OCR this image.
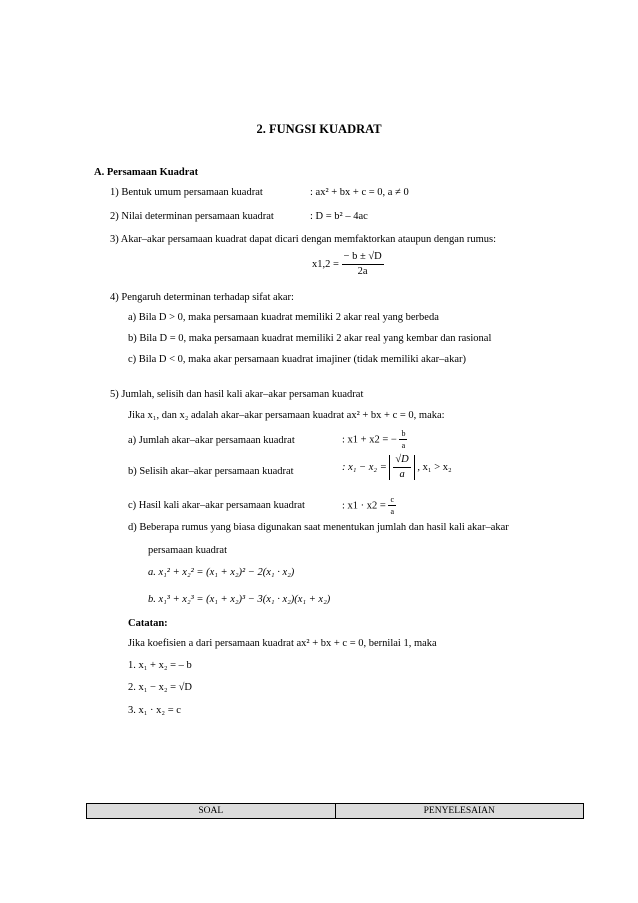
2. FUNGSI KUADRAT
A. Persamaan Kuadrat
1) Bentuk umum persamaan kuadrat	: ax² + bx + c = 0, a ≠ 0
2) Nilai determinan persamaan kuadrat	: D = b² – 4ac
3) Akar–akar persamaan kuadrat dapat dicari dengan memfaktorkan ataupun dengan rumus:
$x1,2 = \frac{- b \pm √D}{2a}$
4) Pengaruh determinan terhadap sifat akar:
a) Bila D > 0, maka persamaan kuadrat memiliki 2 akar real yang berbeda
b) Bila D = 0, maka persamaan kuadrat memiliki 2 akar real yang kembar dan rasional
c) Bila D < 0, maka akar persamaan kuadrat imajiner (tidak memiliki akar–akar)
5) Jumlah, selisih dan hasil kali akar–akar persaman kuadrat
Jika x₁, dan x₂ adalah akar–akar persamaan kuadrat ax² + bx + c = 0, maka:
a) Jumlah akar–akar persamaan kuadrat	: x1 + x2 = − $\frac{b}{a}$
b) Selisih akar–akar persamaan kuadrat	: $x_1 - x_2 = \frac{√D}{a}$ , x₁ > x₂
c) Hasil kali akar–akar persamaan kuadrat	: $x1 \cdot x2 = \frac{c}{a}$
d) Beberapa rumus yang biasa digunakan saat menentukan jumlah dan hasil kali akar–akar
persamaan kuadrat
a. x₁² + x₂² = (x₁ + x₂)² − 2(x₁ · x₂)
b. x₁³ + x₂³ = (x₁ + x₂)³ − 3(x₁ · x₂)(x₁ + x₂)
Catatan:
Jika koefisien a dari persamaan kuadrat ax² + bx + c = 0, bernilai 1, maka
1. x₁ + x₂ = – b
2. x₁ − x₂ = √D
3. x₁ · x₂ = c
SOAL	PENYELESAIAN
